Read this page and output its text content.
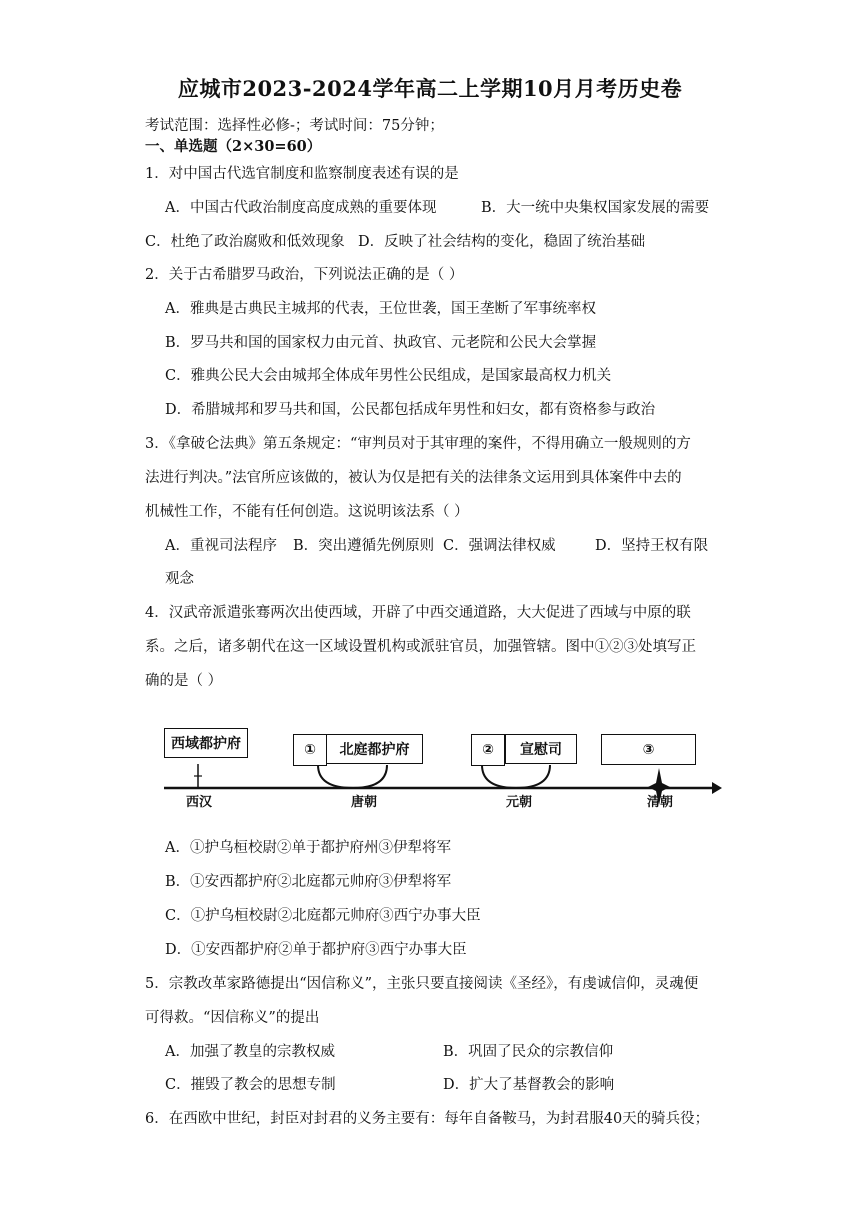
应城市2023-2024学年高二上学期10月月考历史卷
考试范围：选择性必修-；考试时间：75分钟；
一、单选题（2×30=60）
1．对中国古代选官制度和监察制度表述有误的是
A．中国古代政治制度高度成熟的重要体现	B．大一统中央集权国家发展的需要
C．杜绝了政治腐败和低效现象 D．反映了社会结构的变化，稳固了统治基础
2．关于古希腊罗马政治，下列说法正确的是（ ）
A．雅典是古典民主城邦的代表，王位世袭，国王垄断了军事统率权
B．罗马共和国的国家权力由元首、执政官、元老院和公民大会掌握
C．雅典公民大会由城邦全体成年男性公民组成，是国家最高权力机关
D．希腊城邦和罗马共和国，公民都包括成年男性和妇女，都有资格参与政治
3．《拿破仑法典》第五条规定：“审判员对于其审理的案件，不得用确立一般规则的方
法进行判决。”法官所应该做的，被认为仅是把有关的法律条文运用到具体案件中去的
机械性工作，不能有任何创造。这说明该法系（ ）
A．重视司法程序 B．突出遵循先例原则 C．强调法律权威	D．坚持王权有限
观念
4．汉武帝派遣张骞两次出使西域，开辟了中西交通道路，大大促进了西域与中原的联
系。之后，诸多朝代在这一区域设置机构或派驻官员，加强管辖。图中①②③处填写正
确的是（ ）
西域都护府	①	北庭都护府	②	宣慰司	③
西汉	唐朝	元朝	清朝
A．①护乌桓校尉②单于都护府州③伊犁将军
B．①安西都护府②北庭都元帅府③伊犁将军
C．①护乌桓校尉②北庭都元帅府③西宁办事大臣
D．①安西都护府②单于都护府③西宁办事大臣
5．宗教改革家路德提出“因信称义”，主张只要直接阅读《圣经》，有虔诚信仰，灵魂便
可得救。“因信称义”的提出
A．加强了教皇的宗教权威	B．巩固了民众的宗教信仰
C．摧毁了教会的思想专制	D．扩大了基督教会的影响
6．在西欧中世纪，封臣对封君的义务主要有：每年自备鞍马，为封君服40天的骑兵役；
